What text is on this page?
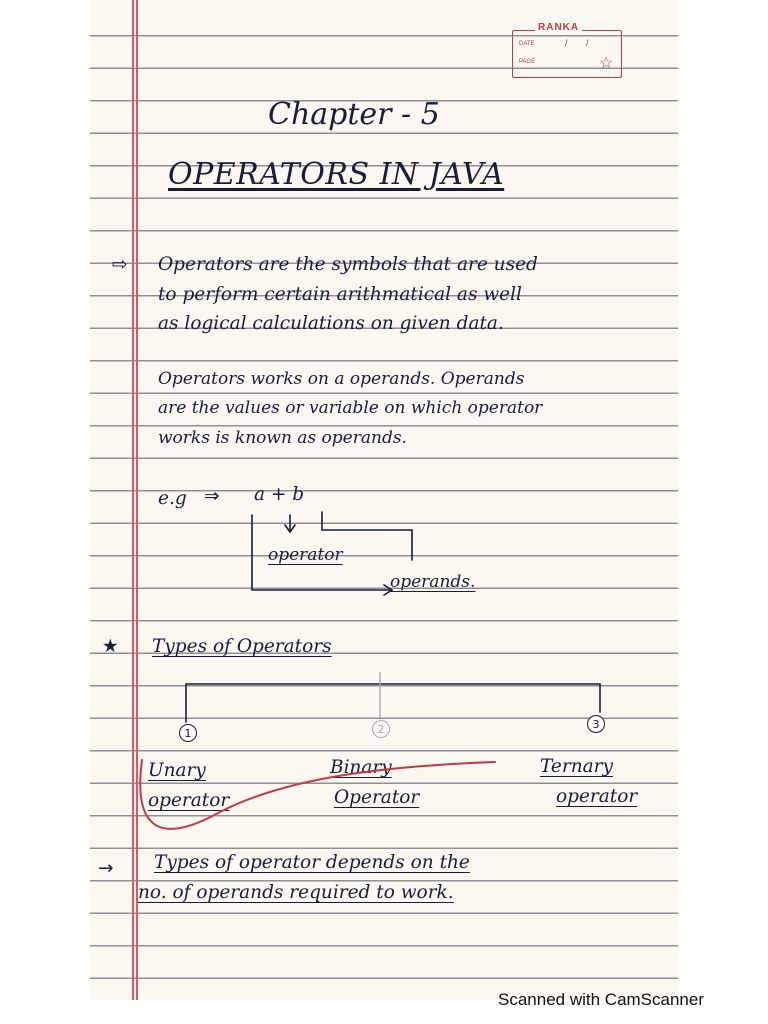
RANKA
DATE	/ /
PAGE	☆
Chapter - 5
OPERATORS IN JAVA
⇨ Operators are the symbols that are used
to perform certain arithmatical as well
as logical calculations on given data.
Operators works on a operands. Operands
are the values or variable on which operator
works is known as operands.
e.g ⇒ a + b
operator
operands.
★ Types of Operators
1	2	3
Unary
operator
Binary
Operator
Ternary
operator
→ Types of operator depends on the
no. of operands required to work.
Scanned with CamScanner
